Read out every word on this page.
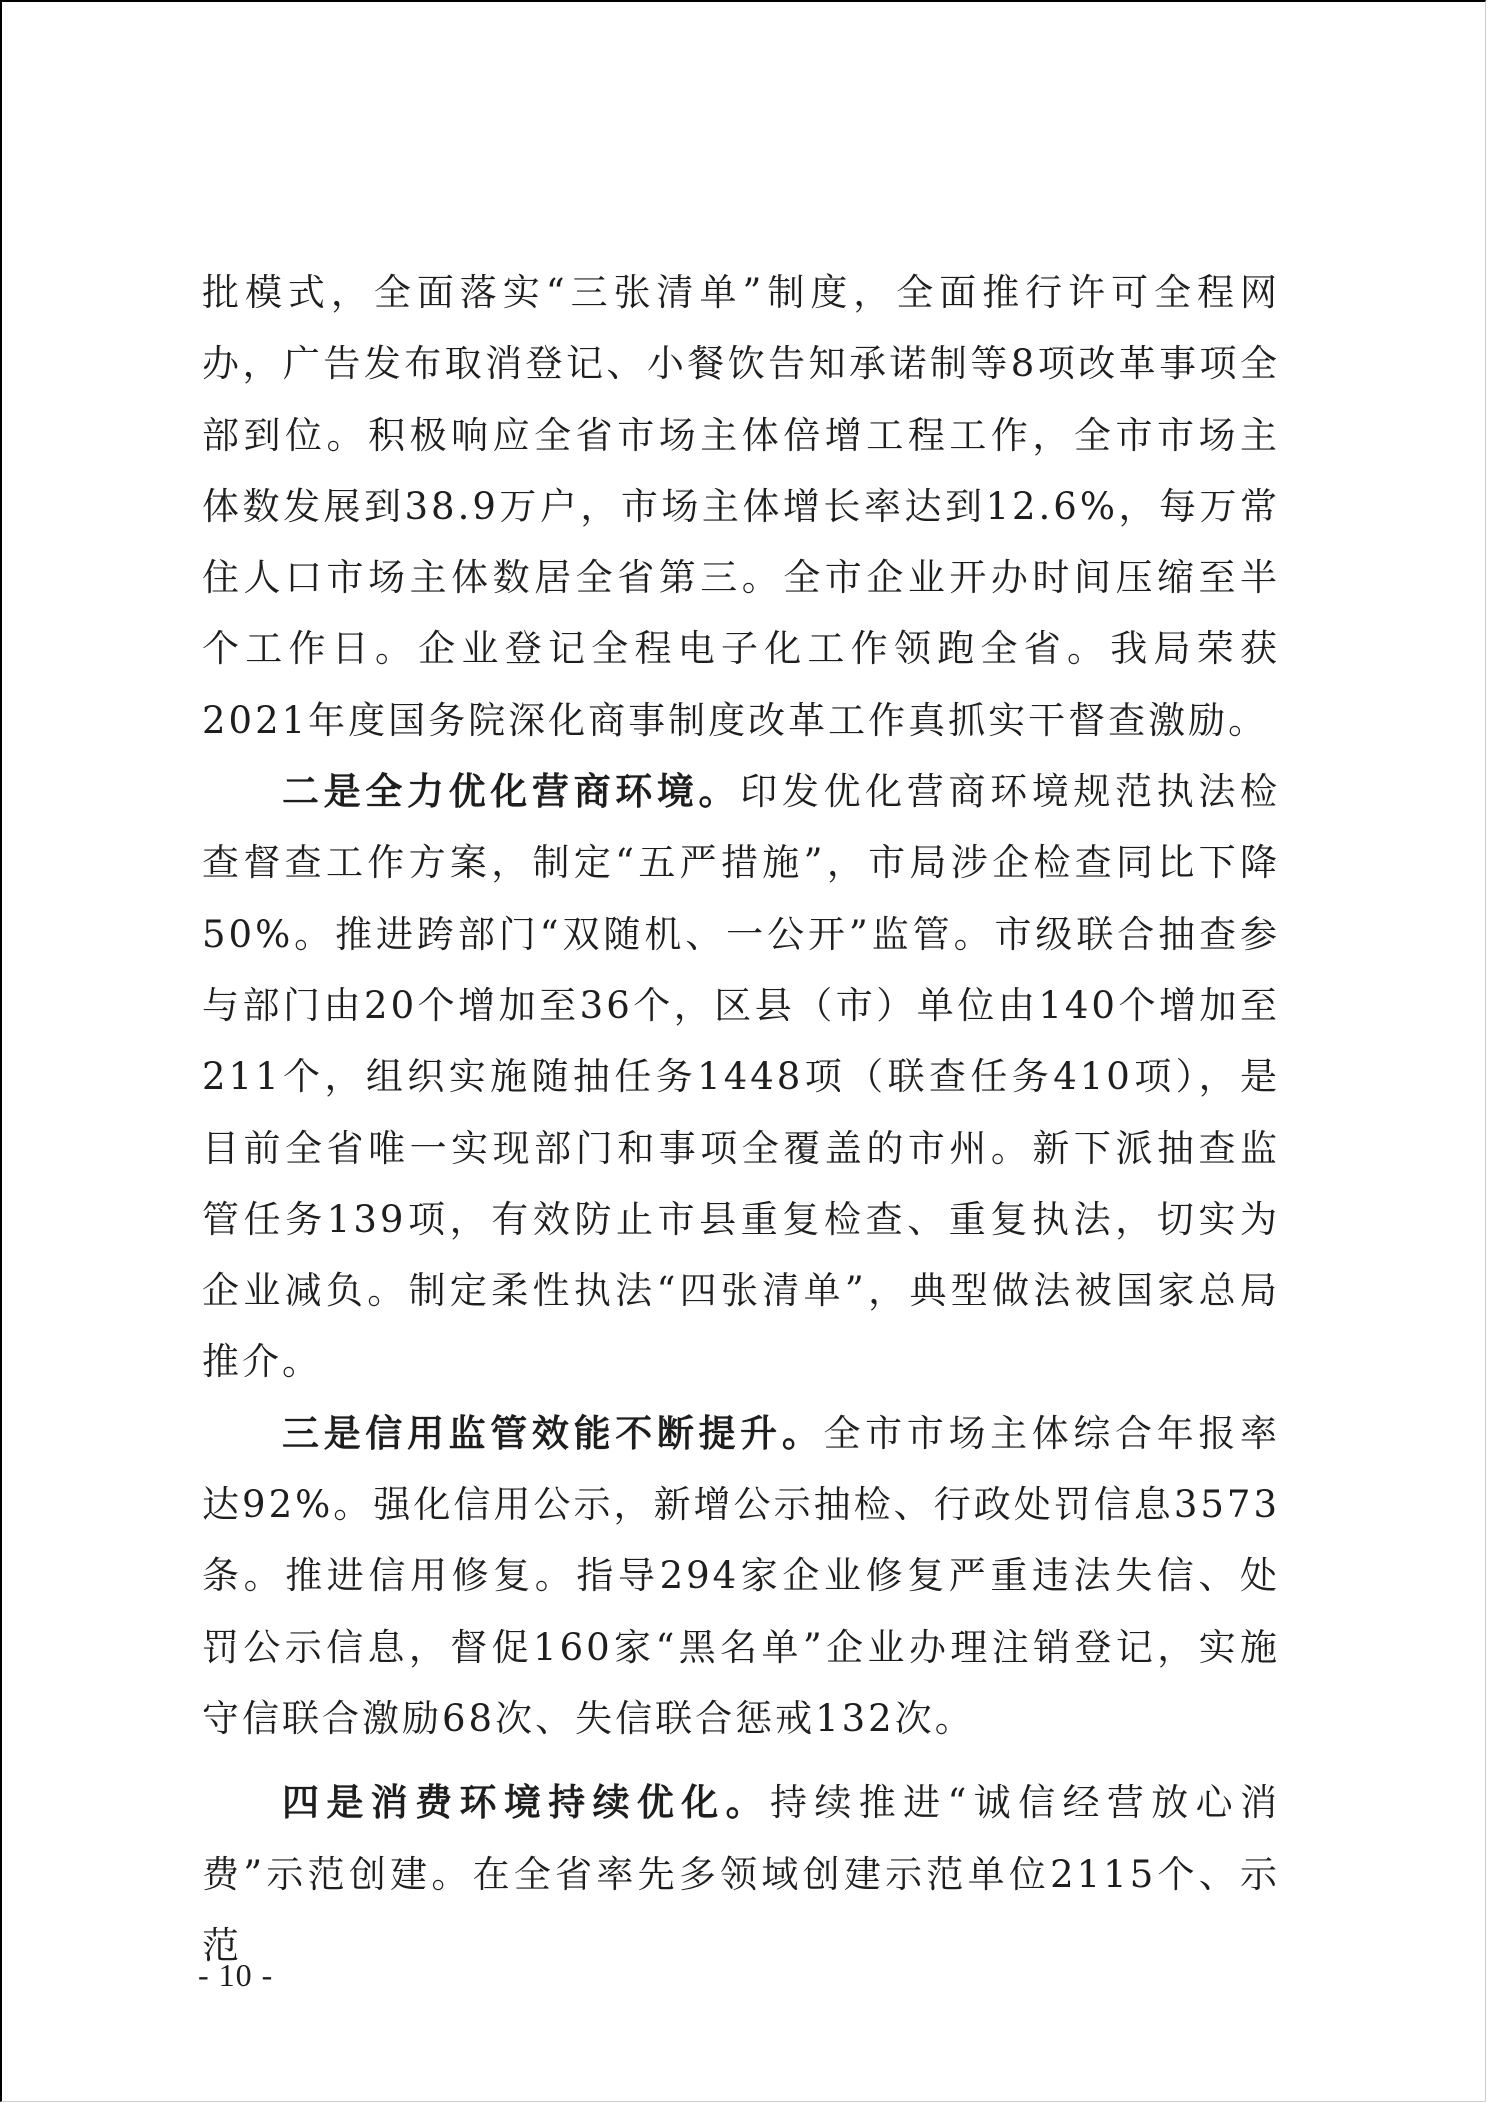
批模式，全面落实“三张清单”制度，全面推行许可全程网办，广告发布取消登记、小餐饮告知承诺制等8项改革事项全部到位。积极响应全省市场主体倍增工程工作，全市市场主体数发展到38.9万户，市场主体增长率达到12.6%，每万常住人口市场主体数居全省第三。全市企业开办时间压缩至半个工作日。企业登记全程电子化工作领跑全省。我局荣获2021年度国务院深化商事制度改革工作真抓实干督查激励。

二是全力优化营商环境。印发优化营商环境规范执法检查督查工作方案，制定“五严措施”，市局涉企检查同比下降50%。推进跨部门“双随机、一公开”监管。市级联合抽查参与部门由20个增加至36个，区县（市）单位由140个增加至211个，组织实施随抽任务1448项（联查任务410项），是目前全省唯一实现部门和事项全覆盖的市州。新下派抽查监管任务139项，有效防止市县重复检查、重复执法，切实为企业减负。制定柔性执法“四张清单”，典型做法被国家总局推介。

三是信用监管效能不断提升。全市市场主体综合年报率达92%。强化信用公示，新增公示抽检、行政处罚信息3573条。推进信用修复。指导294家企业修复严重违法失信、处罚公示信息，督促160家“黑名单”企业办理注销登记，实施守信联合激励68次、失信联合惩戒132次。

四是消费环境持续优化。持续推进“诚信经营放心消费”示范创建。在全省率先多领域创建示范单位2115个、示范

- 10 -
